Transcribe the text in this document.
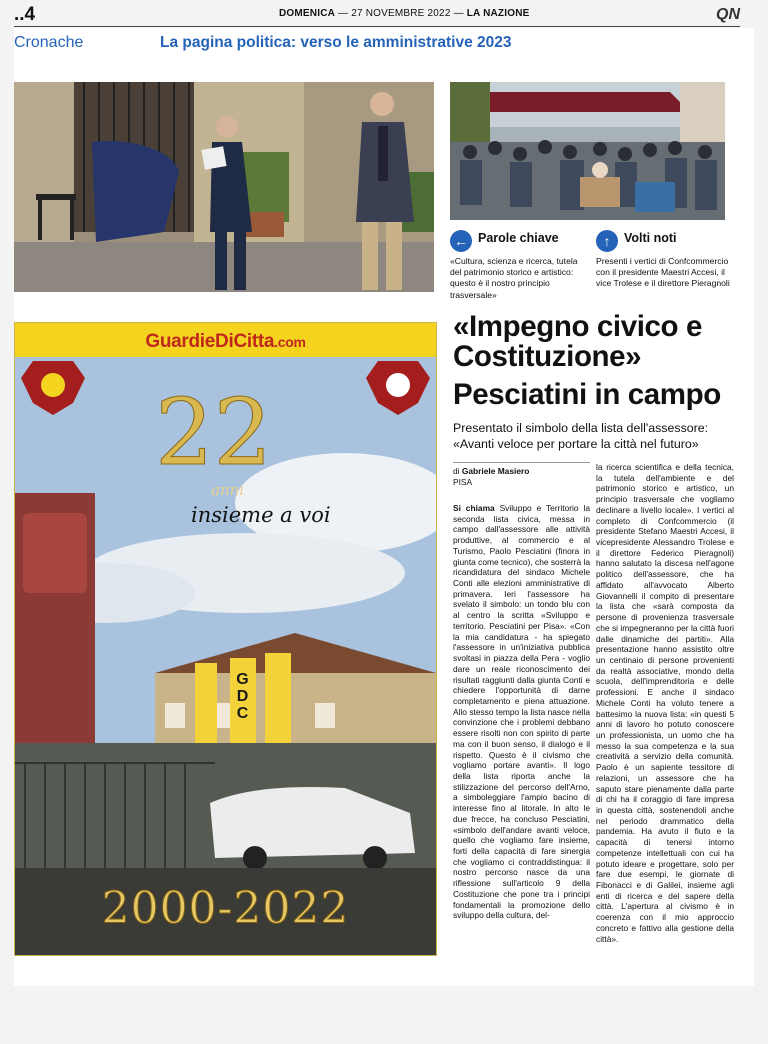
..4	DOMENICA — 27 NOVEMBRE 2022 — LA NAZIONE	QN
Cronache	La pagina politica: verso le amministrative 2023
← Parole chiave
«Cultura, scienza e ricerca, tutela del patrimonio storico e artistico: questo è il nostro principio trasversale»
↑	Volti noti
Presenti i vertici di Confcommercio con il presidente Maestri Accesi, il vice Trolese e il direttore Pieragnoli
GuardieDiCitta.com
22
anni
insieme a voi
GDC
2000-2022
«Impegno civico e Costituzione»
Pesciatini in campo
Presentato il simbolo della lista dell'assessore: «Avanti veloce per portare la città nel futuro»
di Gabriele Masiero
PISA
Si chiama Sviluppo e Territorio la seconda lista civica, messa in campo dall'assessore alle attività produttive, al commercio e al Turismo, Paolo Pesciatini (finora in giunta come tecnico), che sosterrà la ricandidatura del sindaco Michele Conti alle elezioni amministrative di primavera. Ieri l'assessore ha svelato il simbolo: un tondo blu con al centro la scritta «Sviluppo e territorio. Pesciatini per Pisa». «Con la mia candidatura - ha spiegato l'assessore in un'iniziativa pubblica svoltasi in piazza della Pera - voglio dare un reale riconoscimento dei risultati raggiunti dalla giunta Conti e chiedere l'opportunità di darne completamento e piena attuazione. Allo stesso tempo la lista nasce nella convinzione che i problemi debbano essere risolti non con spirito di parte ma con il buon senso, il dialogo e il rispetto. Questo è il civismo che vogliamo portare avanti». Il logo della lista riporta anche la stilizzazione del percorso dell'Arno, a simboleggiare l'ampio bacino di interesse fino al litorale. In alto le due frecce, ha concluso Pesciatini, «simbolo dell'andare avanti veloce, quello che vogliamo fare insieme, forti della capacità di fare sinergia che vogliamo ci contraddistingua: il nostro percorso nasce da una riflessione sull'articolo 9 della Costituzione che pone tra i principi fondamentali la promozione dello sviluppo della cultura, del-
la ricerca scientifica e della tecnica, la tutela dell'ambiente e del patrimonio storico e artistico, un principio trasversale che vogliamo declinare a livello locale». I vertici al completo di Confcommercio (il presidente Stefano Maestri Accesi, il vicepresidente Alessandro Trolese e il direttore Federico Pieragnoli) hanno salutato la discesa nell'agone politico dell'assessore, che ha affidato all'avvocato Alberto Giovannelli il compito di presentare la lista che «sarà composta da persone di provenienza trasversale che si impegneranno per la città fuori dalle dinamiche dei partiti». Alla presentazione hanno assistito oltre un centinaio di persone provenienti da realtà associative, mondo della scuola, dell'imprenditoria e delle professioni. E anche il sindaco Michele Conti ha voluto tenere a battesimo la nuova lista: «in questi 5 anni di lavoro ho potuto conoscere un professionista, un uomo che ha messo la sua competenza e la sua creatività a servizio della comunità. Paolo è un sapiente tessitore di relazioni, un assessore che ha saputo stare pienamente dalla parte di chi ha il coraggio di fare impresa in questa città, sostenendoli anche nel periodo drammatico della pandemia. Ha avuto il fiuto e la capacità di tenersi intorno competenze intellettuali con cui ha potuto ideare e progettare, solo per fare due esempi, le giornate di Fibonacci e di Galilei, insieme agli enti di ricerca e del sapere della città. L'apertura al civismo è in coerenza con il mio approccio concreto e fattivo alla gestione della città».
